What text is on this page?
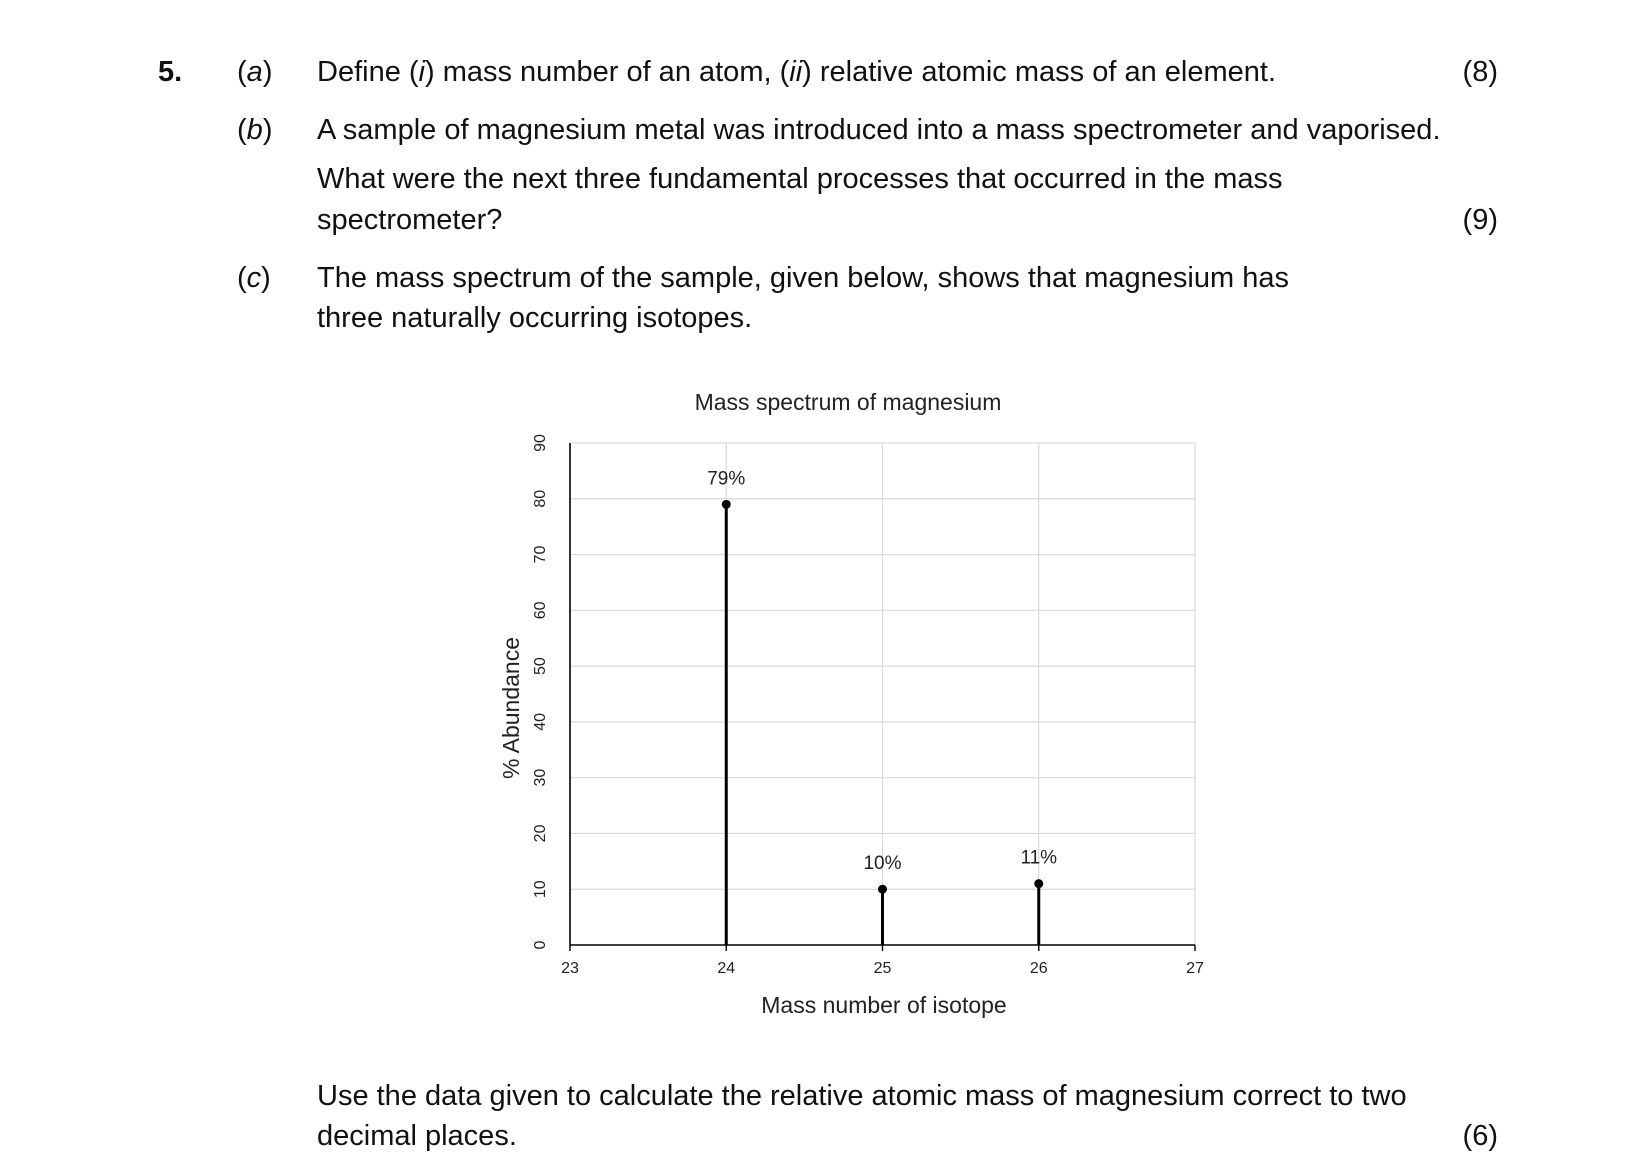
5. (a) Define (i) mass number of an atom, (ii) relative atomic mass of an element.	(8)
(b) A sample of magnesium metal was introduced into a mass spectrometer and vaporised.
What were the next three fundamental processes that occurred in the mass
spectrometer?	(9)
(c) The mass spectrum of the sample, given below, shows that magnesium has
three naturally occurring isotopes.
Mass spectrum of magnesium
0
10
20
30
40
50
60
70
80
90
23	24	25	26	27
79%
10%	11%
Mass number of isotope
% Abundance
Use the data given to calculate the relative atomic mass of magnesium correct to two
decimal places.	(6)
